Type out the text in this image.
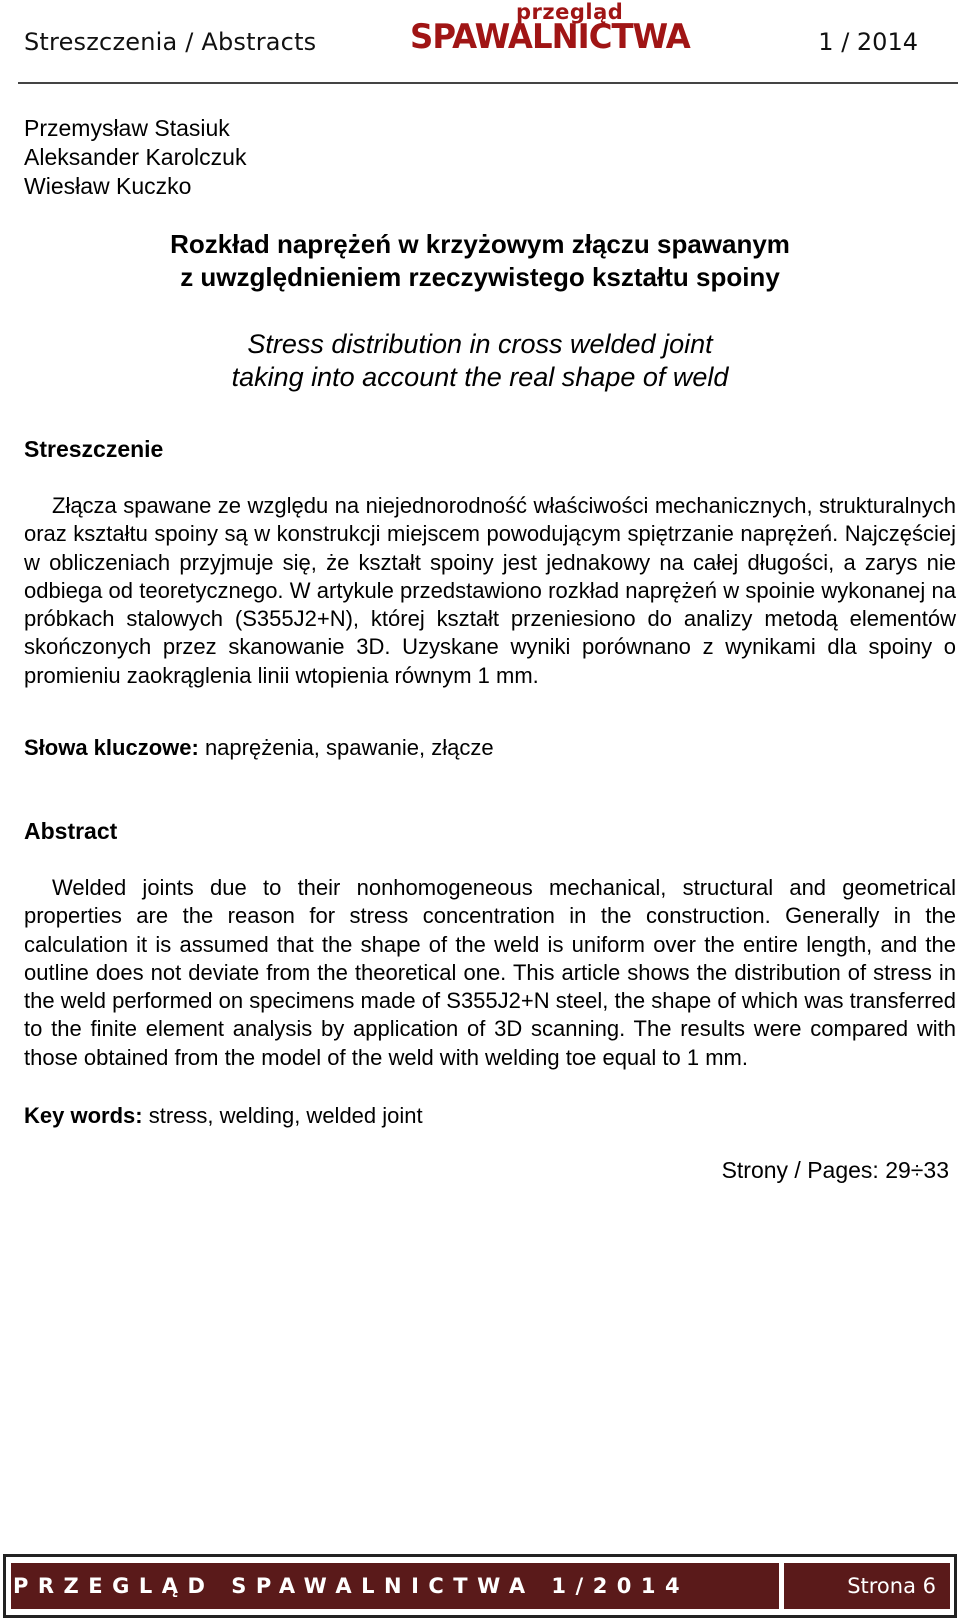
Streszczenia / Abstracts
przegląd
SPAWALNICTWA	1 / 2014
Przemysław Stasiuk
Aleksander Karolczuk
Wiesław Kuczko
Rozkład naprężeń w krzyżowym złączu spawanym
z uwzględnieniem rzeczywistego kształtu spoiny
Stress distribution in cross welded joint
taking into account the real shape of weld
Streszczenie

Złącza spawane ze względu na niejednorodność właściwości mechanicznych, strukturalnych oraz kształtu spoiny są w konstrukcji miejscem powodującym spiętrzanie naprężeń. Najczęściej w obliczeniach przyjmuje się, że kształt spoiny jest jednakowy na całej długości, a zarys nie odbiega od teoretycznego. W artykule przedstawiono rozkład naprężeń w spoinie wykonanej na próbkach stalowych (S355J2+N), której kształt przeniesiono do analizy metodą elementów skończonych przez skanowanie 3D. Uzyskane wyniki porównano z wynikami dla spoiny o promieniu zaokrąglenia linii wtopienia równym 1 mm.

Słowa kluczowe: naprężenia, spawanie, złącze
Abstract

Welded joints due to their nonhomogeneous mechanical, structural and geometrical properties are the reason for stress concentration in the construction. Generally in the calculation it is assumed that the shape of the weld is uniform over the entire length, and the outline does not deviate from the theoretical one. This article shows the distribution of stress in the weld performed on specimens made of S355J2+N steel, the shape of which was transferred to the finite element analysis by application of 3D scanning. The results were compared with those obtained from the model of the weld with welding toe equal to 1 mm.

Key words: stress, welding, welded joint
Strony / Pages: 29÷33
PRZEGLĄD SPAWALNICTWA 1/2014	Strona 6
